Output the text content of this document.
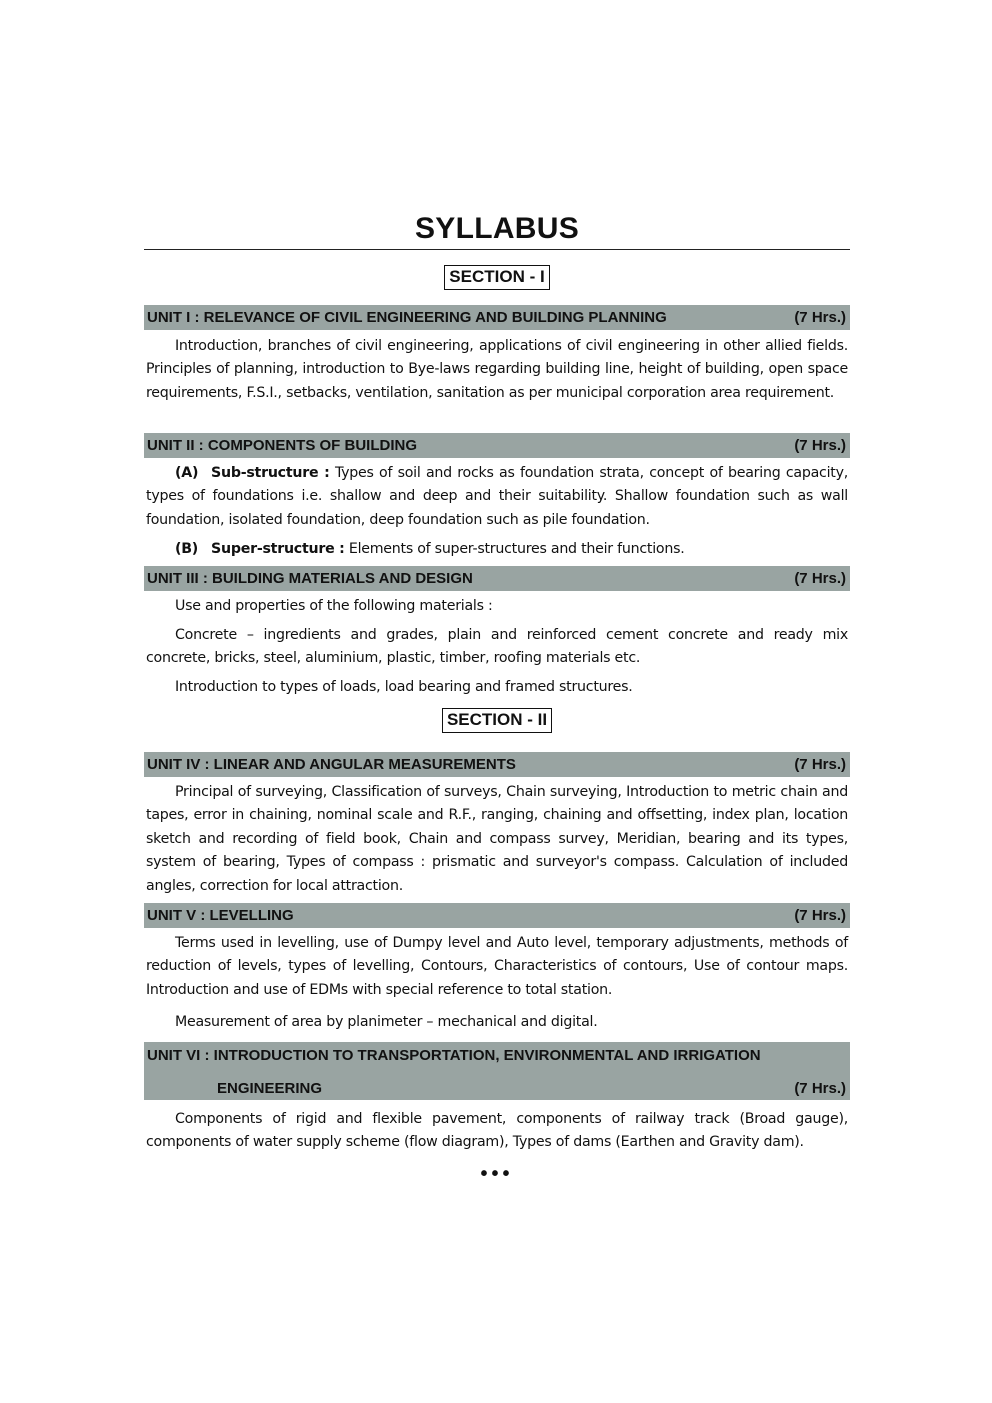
SYLLABUS
SECTION - I
UNIT I : RELEVANCE OF CIVIL ENGINEERING AND BUILDING PLANNING	(7 Hrs.)
Introduction, branches of civil engineering, applications of civil engineering in other allied fields. Principles of planning, introduction to Bye-laws regarding building line, height of building, open space requirements, F.S.I., setbacks, ventilation, sanitation as per municipal corporation area requirement.
UNIT II : COMPONENTS OF BUILDING	(7 Hrs.)
(A) Sub-structure : Types of soil and rocks as foundation strata, concept of bearing capacity, types of foundations i.e. shallow and deep and their suitability. Shallow foundation such as wall foundation, isolated foundation, deep foundation such as pile foundation.
(B) Super-structure : Elements of super-structures and their functions.
UNIT III : BUILDING MATERIALS AND DESIGN	(7 Hrs.)
Use and properties of the following materials :
Concrete – ingredients and grades, plain and reinforced cement concrete and ready mix concrete, bricks, steel, aluminium, plastic, timber, roofing materials etc.
Introduction to types of loads, load bearing and framed structures.
SECTION - II
UNIT IV : LINEAR AND ANGULAR MEASUREMENTS	(7 Hrs.)
Principal of surveying, Classification of surveys, Chain surveying, Introduction to metric chain and tapes, error in chaining, nominal scale and R.F., ranging, chaining and offsetting, index plan, location sketch and recording of field book, Chain and compass survey, Meridian, bearing and its types, system of bearing, Types of compass : prismatic and surveyor's compass. Calculation of included angles, correction for local attraction.
UNIT V : LEVELLING	(7 Hrs.)
Terms used in levelling, use of Dumpy level and Auto level, temporary adjustments, methods of reduction of levels, types of levelling, Contours, Characteristics of contours, Use of contour maps. Introduction and use of EDMs with special reference to total station.
Measurement of area by planimeter – mechanical and digital.
UNIT VI : INTRODUCTION TO TRANSPORTATION, ENVIRONMENTAL AND IRRIGATION
ENGINEERING	(7 Hrs.)
Components of rigid and flexible pavement, components of railway track (Broad gauge), components of water supply scheme (flow diagram), Types of dams (Earthen and Gravity dam).
•••
